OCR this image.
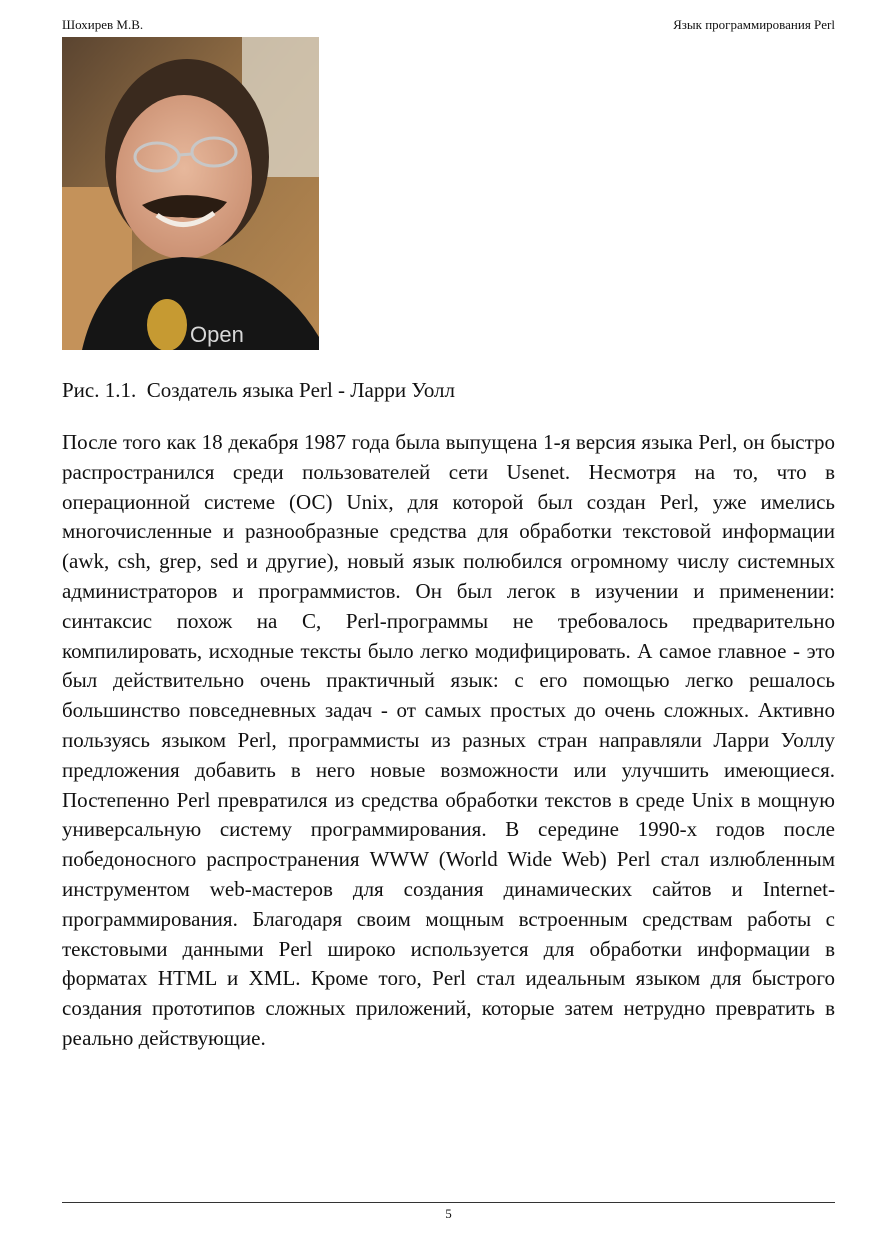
Шохирев М.В.	Язык программирования Perl
Open
Рис. 1.1.  Создатель языка Perl - Ларри Уолл

После того как 18 декабря 1987 года была выпущена 1-я версия языка Perl, он быстро распространился среди пользователей сети Usenet. Несмотря на то, что в операционной системе (ОС) Unix, для которой был создан Perl, уже имелись многочисленные и разнообразные средства для обработки текстовой информации (awk, csh, grep, sed и другие), новый язык полюбился огромному числу системных администраторов и программистов. Он был легок в изучении и применении: синтаксис похож на С, Perl-программы не требовалось предварительно компилировать, исходные тексты было легко модифицировать. А самое главное - это был действительно очень практичный язык: с его помощью легко решалось большинство повседневных задач - от самых простых до очень сложных. Активно пользуясь языком Perl, программисты из разных стран направляли Ларри Уоллу предложения добавить в него новые возможности или улучшить имеющиеся. Постепенно Perl превратился из средства обработки текстов в среде Unix в мощную универсальную систему программирования. В середине 1990-х годов после победоносного распространения WWW (World Wide Web) Perl стал излюбленным инструментом web-мастеров для создания динамических сайтов и Internet-программирования. Благодаря своим мощным встроенным средствам работы с текстовыми данными Perl широко используется для обработки информации в форматах HTML и XML. Кроме того, Perl стал идеальным языком для быстрого создания прототипов сложных приложений, которые затем нетрудно превратить в реально действующие.

5
